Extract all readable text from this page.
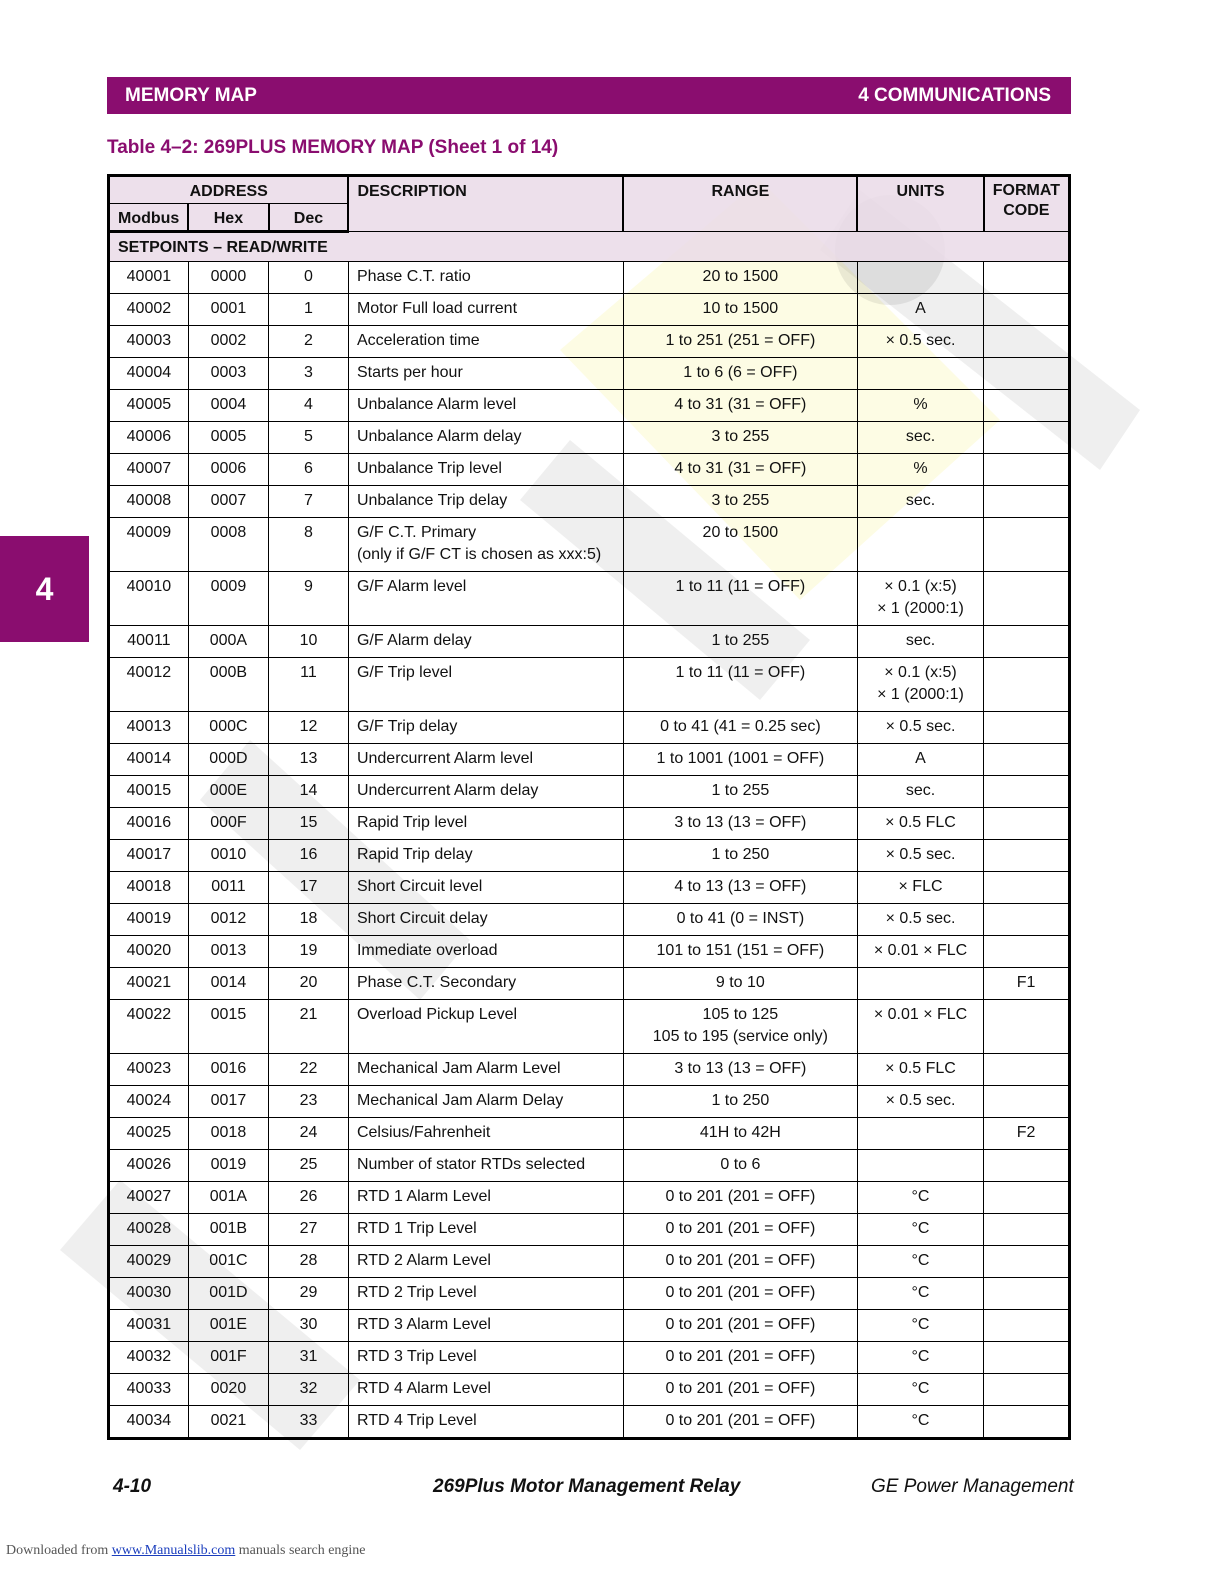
MEMORY MAP	4 COMMUNICATIONS
4
Table 4–2: 269PLUS MEMORY MAP (Sheet 1 of 14)
ADDRESS			DESCRIPTION	RANGE	UNITS	FORMAT CODE
Modbus	Hex	Dec				
SETPOINTS – READ/WRITE						
40001	0000	0	Phase C.T. ratio	20 to 1500		
40002	0001	1	Motor Full load current	10 to 1500	A	
40003	0002	2	Acceleration time	1 to 251 (251 = OFF)	× 0.5 sec.	
40004	0003	3	Starts per hour	1 to 6 (6 = OFF)		
40005	0004	4	Unbalance Alarm level	4 to 31 (31 = OFF)	%	
40006	0005	5	Unbalance Alarm delay	3 to 255	sec.	
40007	0006	6	Unbalance Trip level	4 to 31 (31 = OFF)	%	
40008	0007	7	Unbalance Trip delay	3 to 255	sec.	
40009	0008	8	G/F C.T. Primary
(only if G/F CT is chosen as xxx:5)	20 to 1500		
40010	0009	9	G/F Alarm level	1 to 11 (11 = OFF)	× 0.1 (x:5)
× 1 (2000:1)	
40011	000A	10	G/F Alarm delay	1 to 255	sec.	
40012	000B	11	G/F Trip level	1 to 11 (11 = OFF)	× 0.1 (x:5)
× 1 (2000:1)	
40013	000C	12	G/F Trip delay	0 to 41 (41 = 0.25 sec)	× 0.5 sec.	
40014	000D	13	Undercurrent Alarm level	1 to 1001 (1001 = OFF)	A	
40015	000E	14	Undercurrent Alarm delay	1 to 255	sec.	
40016	000F	15	Rapid Trip level	3 to 13 (13 = OFF)	× 0.5 FLC	
40017	0010	16	Rapid Trip delay	1 to 250	× 0.5 sec.	
40018	0011	17	Short Circuit level	4 to 13 (13 = OFF)	× FLC	
40019	0012	18	Short Circuit delay	0 to 41 (0 = INST)	× 0.5 sec.	
40020	0013	19	Immediate overload	101 to 151 (151 = OFF)	× 0.01 × FLC	
40021	0014	20	Phase C.T. Secondary	9 to 10		F1
40022	0015	21	Overload Pickup Level	105 to 125
105 to 195 (service only)	× 0.01 × FLC	
40023	0016	22	Mechanical Jam Alarm Level	3 to 13 (13 = OFF)	× 0.5 FLC	
40024	0017	23	Mechanical Jam Alarm Delay	1 to 250	× 0.5 sec.	
40025	0018	24	Celsius/Fahrenheit	41H to 42H		F2
40026	0019	25	Number of stator RTDs selected	0 to 6		
40027	001A	26	RTD 1 Alarm Level	0 to 201 (201 = OFF)	°C	
40028	001B	27	RTD 1 Trip Level	0 to 201 (201 = OFF)	°C	
40029	001C	28	RTD 2 Alarm Level	0 to 201 (201 = OFF)	°C	
40030	001D	29	RTD 2 Trip Level	0 to 201 (201 = OFF)	°C	
40031	001E	30	RTD 3 Alarm Level	0 to 201 (201 = OFF)	°C	
40032	001F	31	RTD 3 Trip Level	0 to 201 (201 = OFF)	°C	
40033	0020	32	RTD 4 Alarm Level	0 to 201 (201 = OFF)	°C	
40034	0021	33	RTD 4 Trip Level	0 to 201 (201 = OFF)	°C	
4-10	269Plus Motor Management Relay	GE Power Management
Downloaded from www.Manualslib.com manuals search engine
